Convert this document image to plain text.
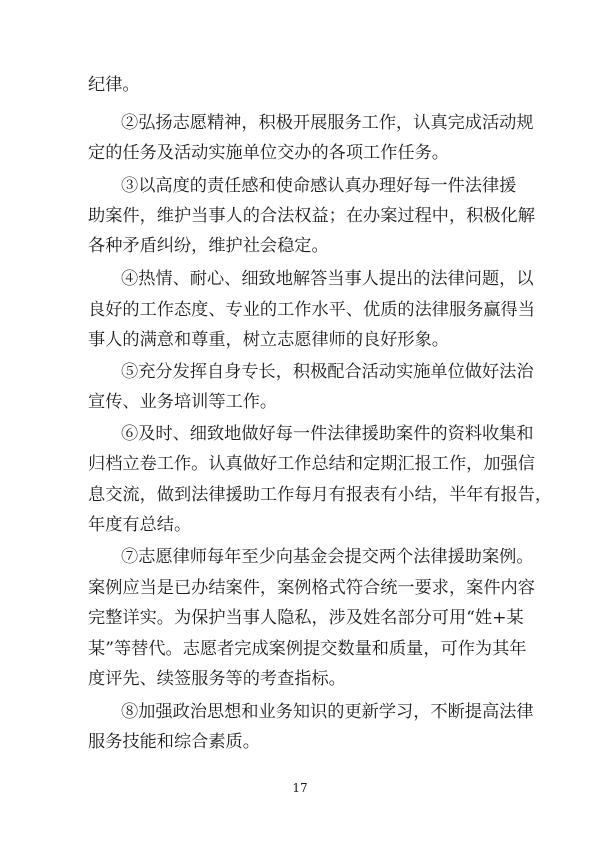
纪律。
②弘扬志愿精神，积极开展服务工作，认真完成活动规
定的任务及活动实施单位交办的各项工作任务。
③以高度的责任感和使命感认真办理好每一件法律援
助案件，维护当事人的合法权益；在办案过程中，积极化解
各种矛盾纠纷，维护社会稳定。
④热情、耐心、细致地解答当事人提出的法律问题，以
良好的工作态度、专业的工作水平、优质的法律服务赢得当
事人的满意和尊重，树立志愿律师的良好形象。
⑤充分发挥自身专长，积极配合活动实施单位做好法治
宣传、业务培训等工作。
⑥及时、细致地做好每一件法律援助案件的资料收集和
归档立卷工作。认真做好工作总结和定期汇报工作，加强信
息交流，做到法律援助工作每月有报表有小结，半年有报告，
年度有总结。
⑦志愿律师每年至少向基金会提交两个法律援助案例。
案例应当是已办结案件，案例格式符合统一要求，案件内容
完整详实。为保护当事人隐私，涉及姓名部分可用“姓+某
某”等替代。志愿者完成案例提交数量和质量，可作为其年
度评先、续签服务等的考查指标。
⑧加强政治思想和业务知识的更新学习，不断提高法律
服务技能和综合素质。
17
